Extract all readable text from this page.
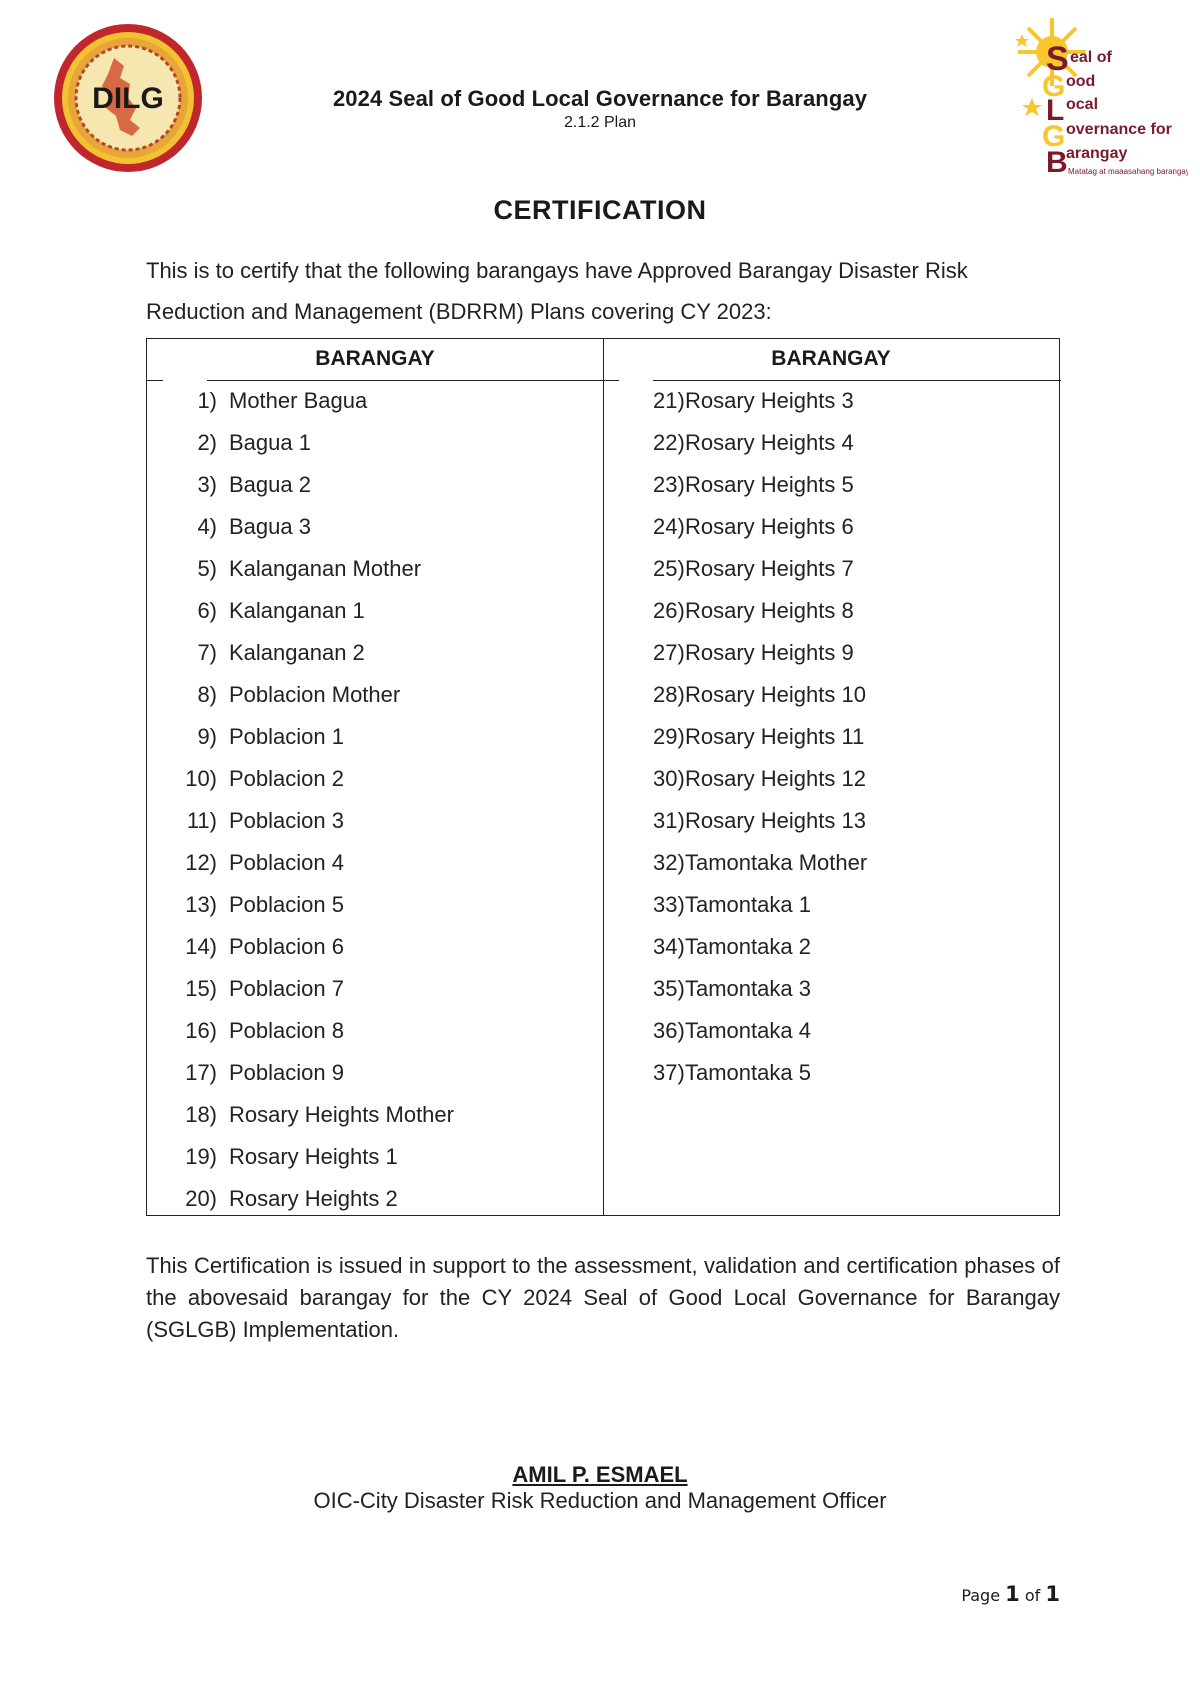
DILG
S
G
L
G
B
eal of
ood
ocal
overnance for
arangay
Matatag at maaasahang barangay
2024 Seal of Good Local Governance for Barangay
2.1.2 Plan
CERTIFICATION
This is to certify that the following barangays have Approved Barangay Disaster Risk Reduction and Management (BDRRM) Plans covering CY 2023:
BARANGAY	BARANGAY
1) Mother Bagua
2) Bagua 1
3) Bagua 2
4) Bagua 3
5) Kalanganan Mother
6) Kalanganan 1
7) Kalanganan 2
8) Poblacion Mother
9) Poblacion 1
10) Poblacion 2
11) Poblacion 3
12) Poblacion 4
13) Poblacion 5
14) Poblacion 6
15) Poblacion 7
16) Poblacion 8
17) Poblacion 9
18) Rosary Heights Mother
19) Rosary Heights 1
20) Rosary Heights 2
21) Rosary Heights 3
22) Rosary Heights 4
23) Rosary Heights 5
24) Rosary Heights 6
25) Rosary Heights 7
26) Rosary Heights 8
27) Rosary Heights 9
28) Rosary Heights 10
29) Rosary Heights 11
30) Rosary Heights 12
31) Rosary Heights 13
32) Tamontaka Mother
33) Tamontaka 1
34) Tamontaka 2
35) Tamontaka 3
36) Tamontaka 4
37) Tamontaka 5
This Certification is issued in support to the assessment, validation and certification phases of the abovesaid barangay for the CY 2024 Seal of Good Local Governance for Barangay (SGLGB) Implementation.
AMIL P. ESMAEL
OIC-City Disaster Risk Reduction and Management Officer
Page 1 of 1
